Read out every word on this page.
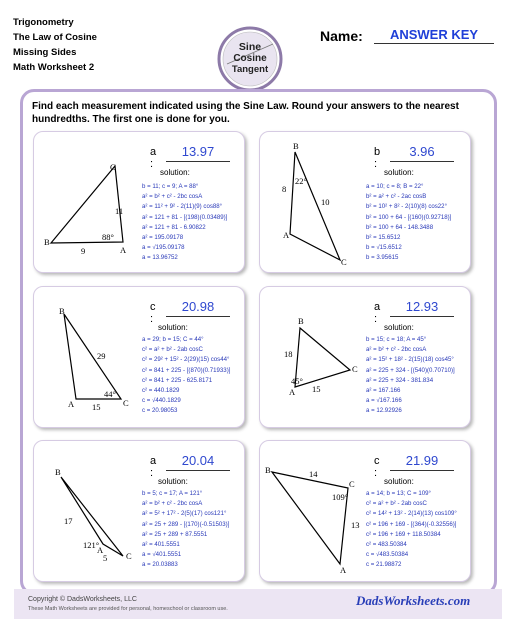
Trigonometry
The Law of Cosine
Missing Sides
Math Worksheet 2
Sine
Cosine
Tangent
Name:	ANSWER KEY
Find each measurement indicated using the Sine Law. Round your answers to the nearest hundredths. The first one is done for you.
B
C
A
11
9
88°
a :
13.97
solution:
b = 11; c = 9; A = 88°
a² = b² + c² - 2bc cosA
a² = 11² + 9² - 2(11)(9) cos88°
a² = 121 + 81 - [(198)(0.03489)]
a² = 121 + 81 - 6.90822
a² = 195.09178
a = √195.09178
a = 13.96752
B
C
A
8
10
22°
b :
3.96
solution:
a = 10; c = 8; B = 22°
b² = a² + c² - 2ac cosB
b² = 10² + 8² - 2(10)(8) cos22°
b² = 100 + 64 - [(160)(0.92718)]
b² = 100 + 64 - 148.3488
b² = 15.6512
b = √15.6512
b = 3.95615
B
C
A
29
15
44°
c :
20.98
solution:
a = 29; b = 15; C = 44°
c² = a² + b² - 2ab cosC
c² = 29² + 15² - 2(29)(15) cos44°
c² = 841 + 225 - [(870)(0.71933)]
c² = 841 + 225 - 625.8171
c² = 440.1829
c = √440.1829
c = 20.98053
B
C
A
18
15
45°
a :
12.93
solution:
b = 15; c = 18; A = 45°
a² = b² + c² - 2bc cosA
a² = 15² + 18² - 2(15)(18) cos45°
a² = 225 + 324 - [(540)(0.70710)]
a² = 225 + 324 - 381.834
a² = 167.166
a = √167.166
a = 12.92926
B
C
A
17
5
121°
a :
20.04
solution:
b = 5; c = 17; A = 121°
a² = b² + c² - 2bc cosA
a² = 5² + 17² - 2(5)(17) cos121°
a² = 25 + 289 - [(170)(-0.51503)]
a² = 25 + 289 + 87.5551
a² = 401.5551
a = √401.5551
a = 20.03883
B
C
A
14
13
109°
c :
21.99
solution:
a = 14; b = 13; C = 109°
c² = a² + b² - 2ab cosC
c² = 14² + 13² - 2(14)(13) cos109°
c² = 196 + 169 - [(364)(-0.32556)]
c² = 196 + 169 + 118.50384
c² = 483.50384
c = √483.50384
c = 21.98872
Copyright © DadsWorksheets, LLC
These Math Worksheets are provided for personal, homeschool or classroom use.
DadsWorksheets.com
